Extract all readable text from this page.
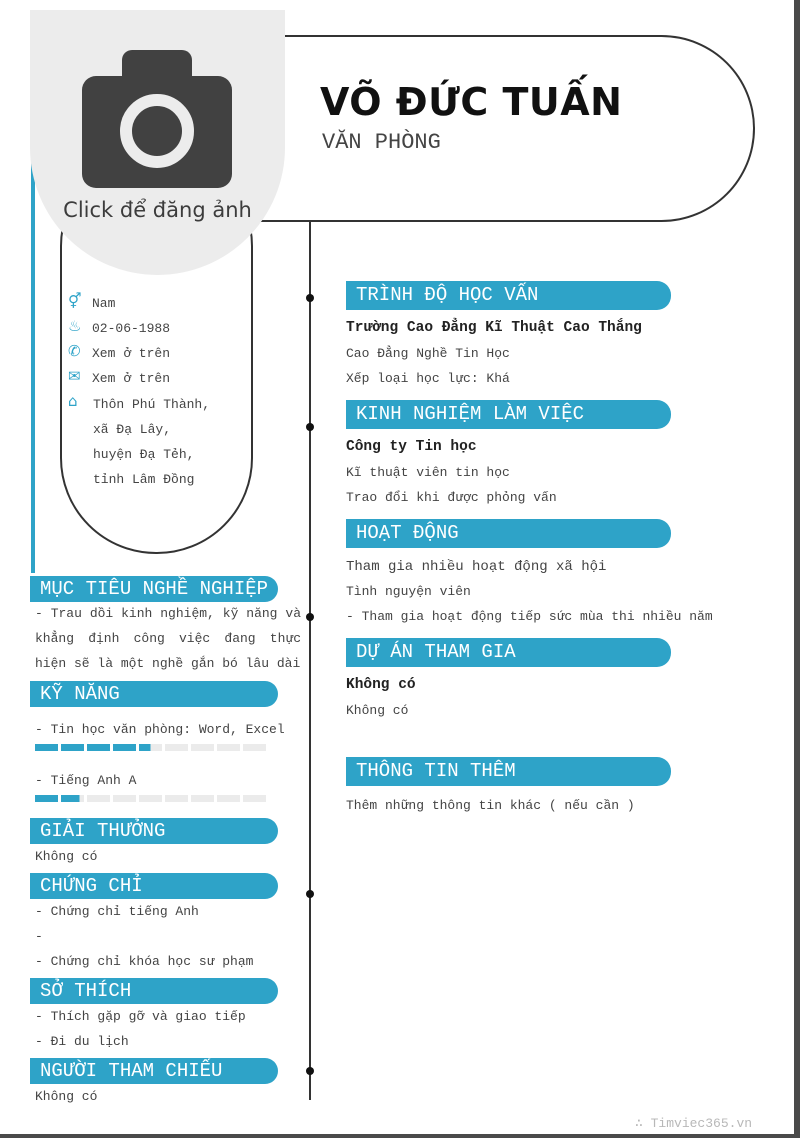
VÕ ĐỨC TUẤN
VĂN PHÒNG
Click để đăng ảnh
⚥ Nam
♨ 02-06-1988
✆ Xem ở trên
✉ Xem ở trên
⌂	Thôn Phú Thành,
xã Đạ Lây,
huyện Đạ Tẻh,
tỉnh Lâm Đồng
MỤC TIÊU NGHỀ NGHIỆP
- Trau dồi kinh nghiệm, kỹ năng và khẳng định công việc đang thực hiện sẽ là một nghề gắn bó lâu dài
KỸ NĂNG
- Tin học văn phòng: Word, Excel
- Tiếng Anh A
GIẢI THƯỞNG
Không có
CHỨNG CHỈ
- Chứng chỉ tiếng Anh
-
- Chứng chỉ khóa học sư phạm
SỞ THÍCH
- Thích gặp gỡ và giao tiếp
- Đi du lịch
NGƯỜI THAM CHIẾU
Không có
TRÌNH ĐỘ HỌC VẤN
Trường Cao Đẳng Kĩ Thuật Cao Thắng
Cao Đẳng Nghề Tin Học
Xếp loại học lực: Khá
KINH NGHIỆM LÀM VIỆC
Công ty Tin học
Kĩ thuật viên tin học
Trao đổi khi được phỏng vấn
HOẠT ĐỘNG
Tham gia nhiều hoạt động xã hội
Tình nguyện viên
- Tham gia hoạt động tiếp sức mùa thi nhiều năm
DỰ ÁN THAM GIA
Không có
Không có
THÔNG TIN THÊM
Thêm những thông tin khác ( nếu cần )
∴ Timviec365.vn
